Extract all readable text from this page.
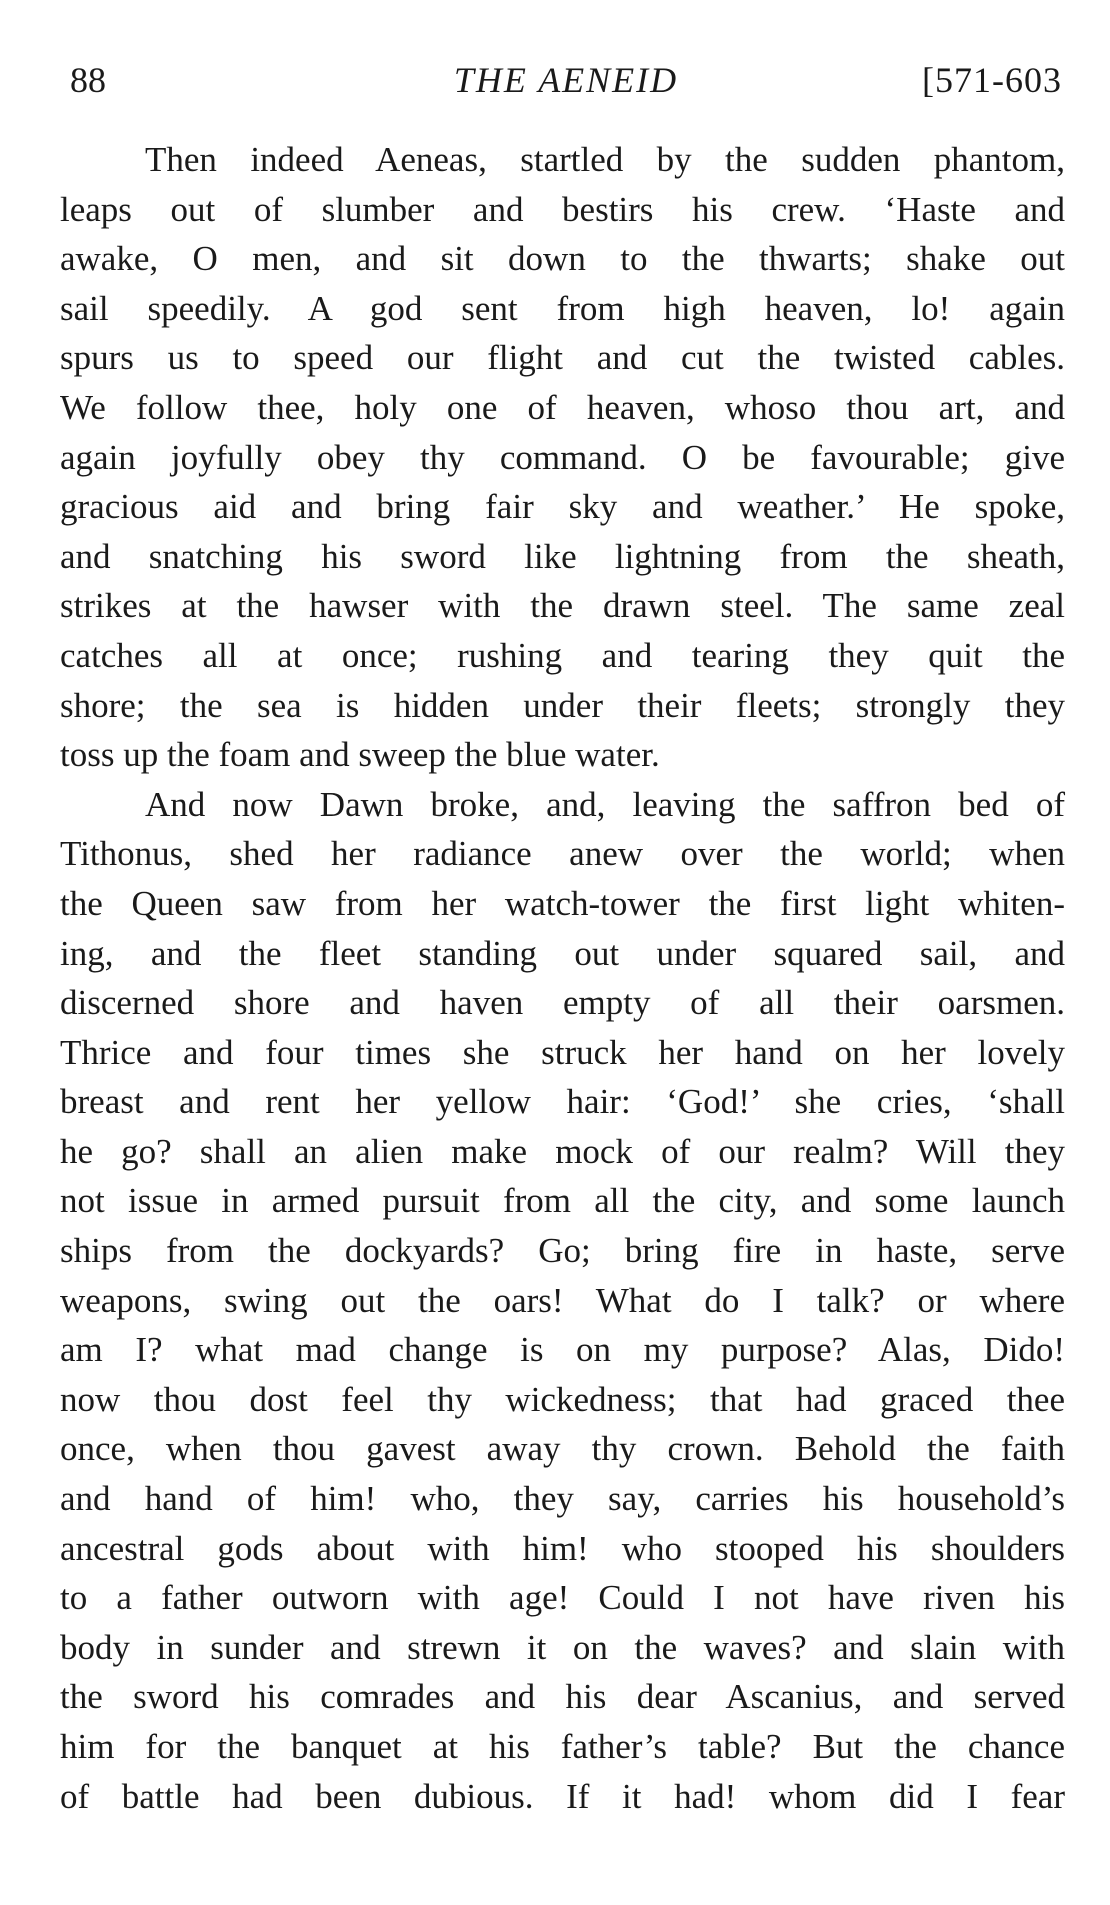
88	THE AENEID	[571-603
Then indeed Aeneas, startled by the sudden phantom,
leaps out of slumber and bestirs his crew. ‘Haste and
awake, O men, and sit down to the thwarts; shake out
sail speedily. A god sent from high heaven, lo! again
spurs us to speed our flight and cut the twisted cables.
We follow thee, holy one of heaven, whoso thou art, and
again joyfully obey thy command. O be favourable; give
gracious aid and bring fair sky and weather.’ He spoke,
and snatching his sword like lightning from the sheath,
strikes at the hawser with the drawn steel. The same zeal
catches all at once; rushing and tearing they quit the
shore; the sea is hidden under their fleets; strongly they
toss up the foam and sweep the blue water.
And now Dawn broke, and, leaving the saffron bed of
Tithonus, shed her radiance anew over the world; when
the Queen saw from her watch-tower the first light whiten-
ing, and the fleet standing out under squared sail, and
discerned shore and haven empty of all their oarsmen.
Thrice and four times she struck her hand on her lovely
breast and rent her yellow hair: ‘God!’ she cries, ‘shall
he go? shall an alien make mock of our realm? Will they
not issue in armed pursuit from all the city, and some launch
ships from the dockyards? Go; bring fire in haste, serve
weapons, swing out the oars! What do I talk? or where
am I? what mad change is on my purpose? Alas, Dido!
now thou dost feel thy wickedness; that had graced thee
once, when thou gavest away thy crown. Behold the faith
and hand of him! who, they say, carries his household’s
ancestral gods about with him! who stooped his shoulders
to a father outworn with age! Could I not have riven his
body in sunder and strewn it on the waves? and slain with
the sword his comrades and his dear Ascanius, and served
him for the banquet at his father’s table? But the chance
of battle had been dubious. If it had! whom did I fear
